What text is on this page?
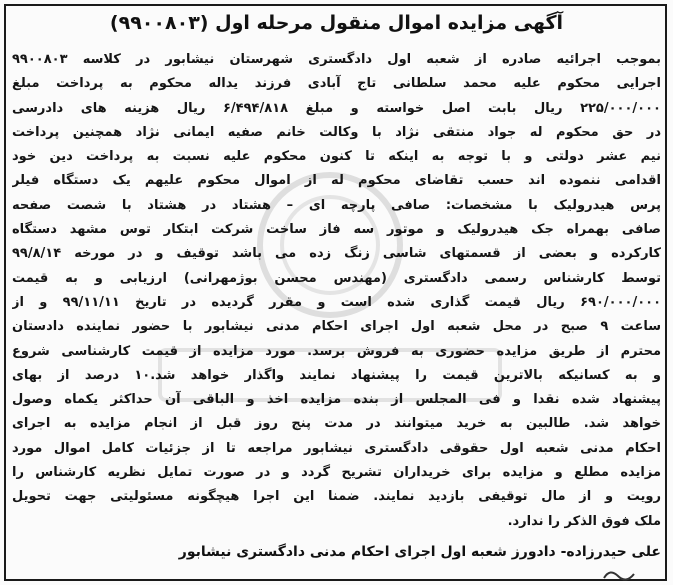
آگهی مزایده اموال منقول مرحله اول (۹۹۰۰۸۰۳)
بموجب اجرائیه صادره از شعبه اول دادگستری شهرستان نیشابور در کلاسه ۹۹۰۰۸۰۳
اجرایی محکوم علیه محمد سلطانی تاج آبادی فرزند یداله محکوم به پرداخت مبلغ
۲۲۵/۰۰۰/۰۰۰ ریال بابت اصل خواسته و مبلغ ۶/۴۹۴/۸۱۸ ریال هزینه های دادرسی
در حق محکوم له جواد منتقی نژاد با وکالت خانم صفیه ایمانی نژاد همچنین پرداخت
نیم عشر دولتی و با توجه به اینکه تا کنون محکوم علیه نسبت به پرداخت دین خود
اقدامی ننموده اند حسب تقاضای محکوم له از اموال محکوم علیهم یک دستگاه فیلر
پرس هیدرولیک با مشخصات: صافی پارچه ای – هشتاد در هشتاد با شصت صفحه
صافی بهمراه جک هیدرولیک و موتور سه فاز ساخت شرکت ابتکار توس مشهد دستگاه
کارکرده و بعضی از قسمتهای شاسی زنگ زده می باشد توقیف و در مورخه ۹۹/۸/۱۴
توسط کارشناس رسمی دادگستری (مهندس محسن بوژمهرانی) ارزیابی و به قیمت
۶۹۰/۰۰۰/۰۰۰ ریال قیمت گذاری شده است و مقرر گردیده در تاریخ ۹۹/۱۱/۱۱ و از
ساعت ۹ صبح در محل شعبه اول اجرای احکام مدنی نیشابور با حضور نماینده دادستان
محترم از طریق مزایده حضوری به فروش برسد. مورد مزایده از قیمت کارشناسی شروع
و به کسانیکه بالاترین قیمت را پیشنهاد نمایند واگذار خواهد شد.۱۰ درصد از بهای
پیشنهاد شده نقدا و فی المجلس از بنده مزایده اخذ و الباقی آن حداکثر یکماه وصول
خواهد شد. طالبین به خرید میتوانند در مدت پنج روز قبل از انجام مزایده به اجرای
احکام مدنی شعبه اول حقوقی دادگستری نیشابور مراجعه تا از جزئیات کامل اموال مورد
مزایده مطلع و مزایده برای خریداران تشریح گردد و در صورت تمایل نظریه کارشناس را
رویت و از مال توقیفی بازدید نمایند. ضمنا این اجرا هیچگونه مسئولیتی جهت تحویل
ملک فوق الذکر را ندارد.
علی حیدرزاده- دادورز شعبه اول اجرای احکام مدنی دادگستری نیشابور
